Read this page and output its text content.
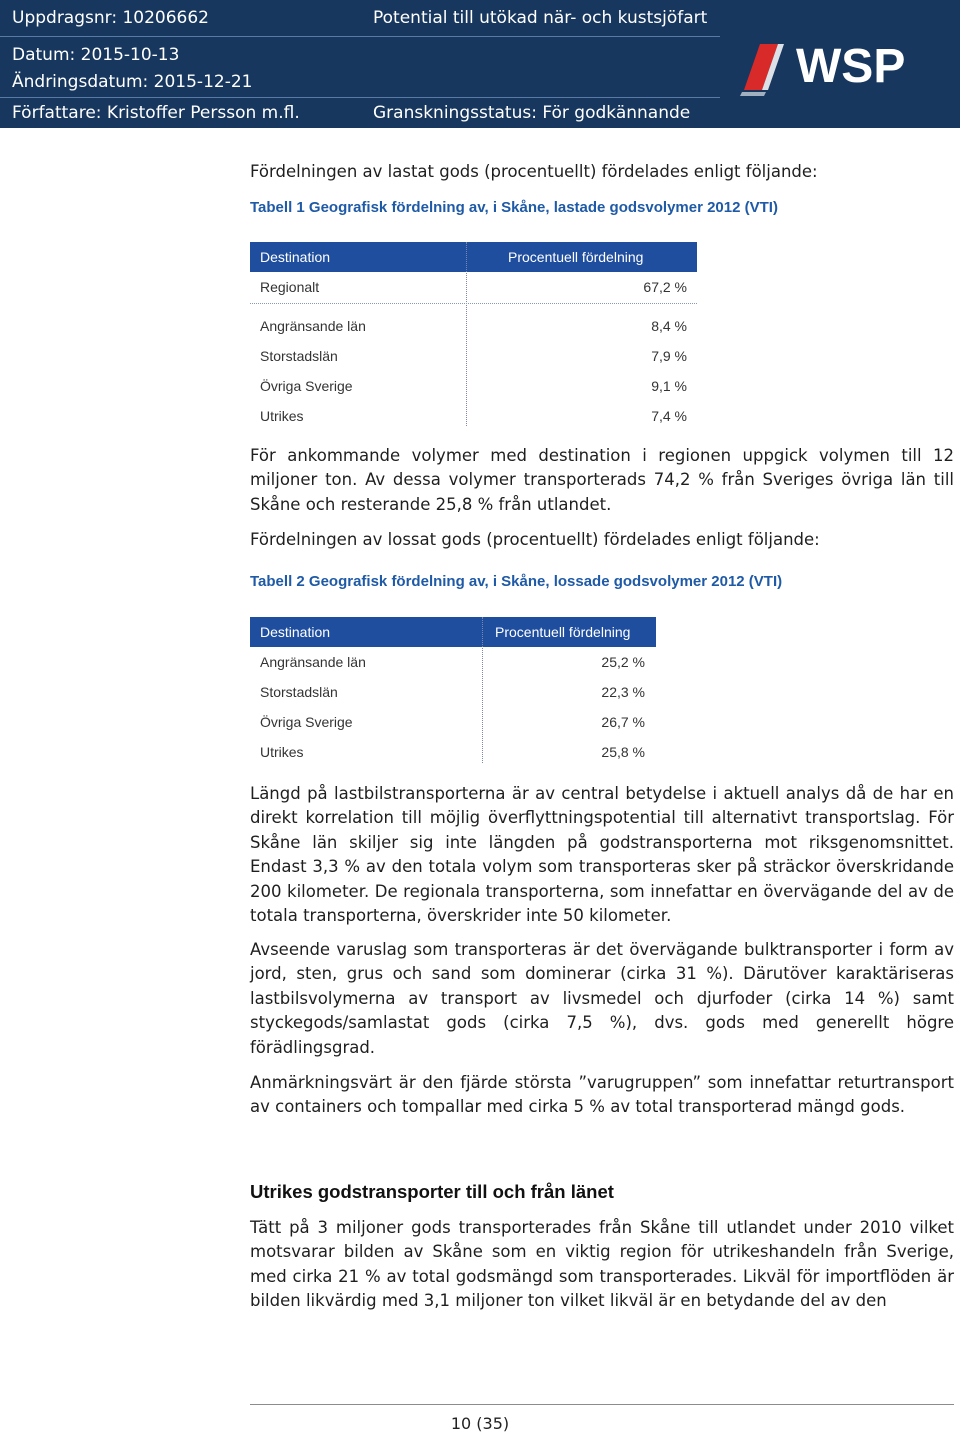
Uppdragsnr: 10206662	Potential till utökad när- och kustsjöfart
Datum: 2015-10-13
Ändringsdatum: 2015-12-21
Författare: Kristoffer Persson m.fl.	Granskningsstatus: För godkännande
WSP
Fördelningen av lastat gods (procentuellt) fördelades enligt följande:
Tabell 1 Geografisk fördelning av, i Skåne, lastade godsvolymer 2012 (VTI)
Destination	Procentuell fördelning
Regionalt	67,2 %
Angränsande län	8,4 %
Storstadslän	7,9 %
Övriga Sverige	9,1 %
Utrikes	7,4 %
För ankommande volymer med destination i regionen uppgick volymen till 12 miljoner ton. Av dessa volymer transporterads 74,2 % från Sveriges övriga län till Skåne och resterande 25,8 % från utlandet.
Fördelningen av lossat gods (procentuellt) fördelades enligt följande:
Tabell 2 Geografisk fördelning av, i Skåne, lossade godsvolymer 2012 (VTI)
Destination	Procentuell fördelning
Angränsande län	25,2 %
Storstadslän	22,3 %
Övriga Sverige	26,7 %
Utrikes	25,8 %
Längd på lastbilstransporterna är av central betydelse i aktuell analys då de har en direkt korrelation till möjlig överflyttningspotential till alternativt transportslag. För Skåne län skiljer sig inte längden på godstransporterna mot riksgenomsnittet. Endast 3,3 % av den totala volym som transporteras sker på sträckor överskridande 200 kilometer. De regionala transporterna, som innefattar en övervägande del av de totala transporterna, överskrider inte 50 kilometer.
Avseende varuslag som transporteras är det övervägande bulktransporter i form av jord, sten, grus och sand som dominerar (cirka 31 %). Därutöver karaktäriseras lastbilsvolymerna av transport av livsmedel och djurfoder (cirka 14 %) samt styckegods/samlastat gods (cirka 7,5 %), dvs. gods med generellt högre förädlingsgrad.
Anmärkningsvärt är den fjärde största ”varugruppen” som innefattar returtransport av containers och tompallar med cirka 5 % av total transporterad mängd gods.
Utrikes godstransporter till och från länet
Tätt på 3 miljoner gods transporterades från Skåne till utlandet under 2010 vilket motsvarar bilden av Skåne som en viktig region för utrikeshandeln från Sverige, med cirka 21 % av total godsmängd som transporterades. Likväl för importflöden är bilden likvärdig med 3,1 miljoner ton vilket likväl är en betydande del av den
10 (35)
